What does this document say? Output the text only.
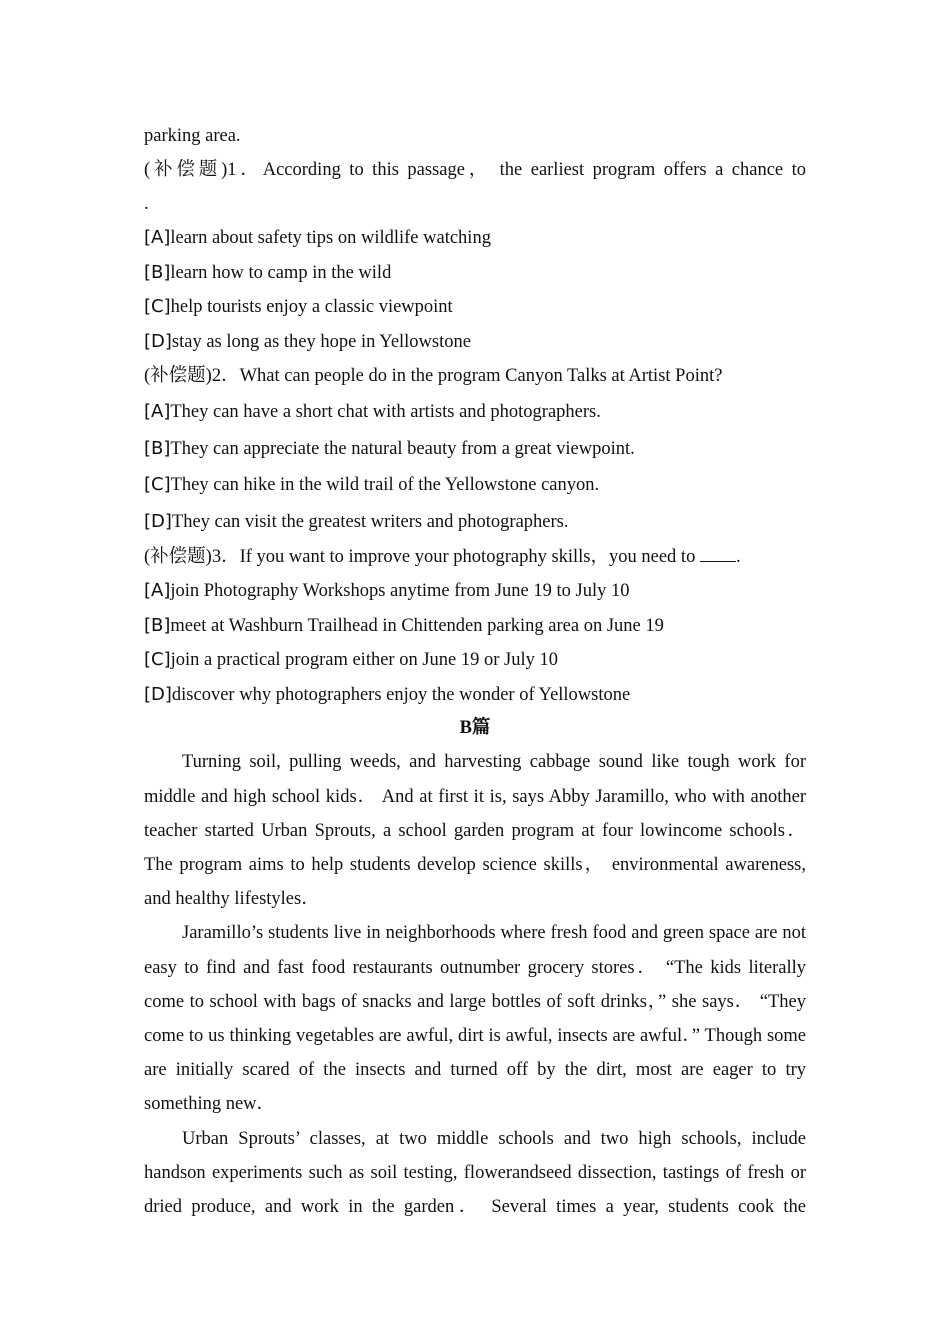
parking area.
(补偿题)1．According to this passage， the earliest program offers a chance to
.
[A]learn about safety tips on wildlife watching
[B]learn how to camp in the wild
[C]help tourists enjoy a classic viewpoint
[D]stay as long as they hope in Yellowstone
(补偿题)2．What can people do in the program Canyon Talks at Artist Point?
[A]They can have a short chat with artists and photographers.
[B]They can appreciate the natural beauty from a great viewpoint.
[C]They can hike in the wild trail of the Yellowstone canyon.
[D]They can visit the greatest writers and photographers.
(补偿题)3．If you want to improve your photography skills，you need to .
[A]join Photography Workshops anytime from June 19 to July 10
[B]meet at Washburn Trailhead in Chittenden parking area on June 19
[C]join a practical program either on June 19 or July 10
[D]discover why photographers enjoy the wonder of Yellowstone
B篇

Turning soil, pulling weeds, and harvesting cabbage sound like tough work for middle and high school kids． And at first it is, says Abby Jaramillo, who with another teacher started Urban Sprouts, a school garden program at four lowincome schools． The program aims to help students develop science skills， environmental awareness, and healthy lifestyles．

Jaramillo’s students live in neighborhoods where fresh food and green space are not easy to find and fast food restaurants outnumber grocery stores． “The kids literally come to school with bags of snacks and large bottles of soft drinks，” she says． “They come to us thinking vegetables are awful, dirt is awful, insects are awful．” Though some are initially scared of the insects and turned off by the dirt, most are eager to try something new．

Urban Sprouts’ classes, at two middle schools and two high schools, include handson experiments such as soil testing, flowerandseed dissection, tastings of fresh or dried produce, and work in the garden． Several times a year, students cook the
